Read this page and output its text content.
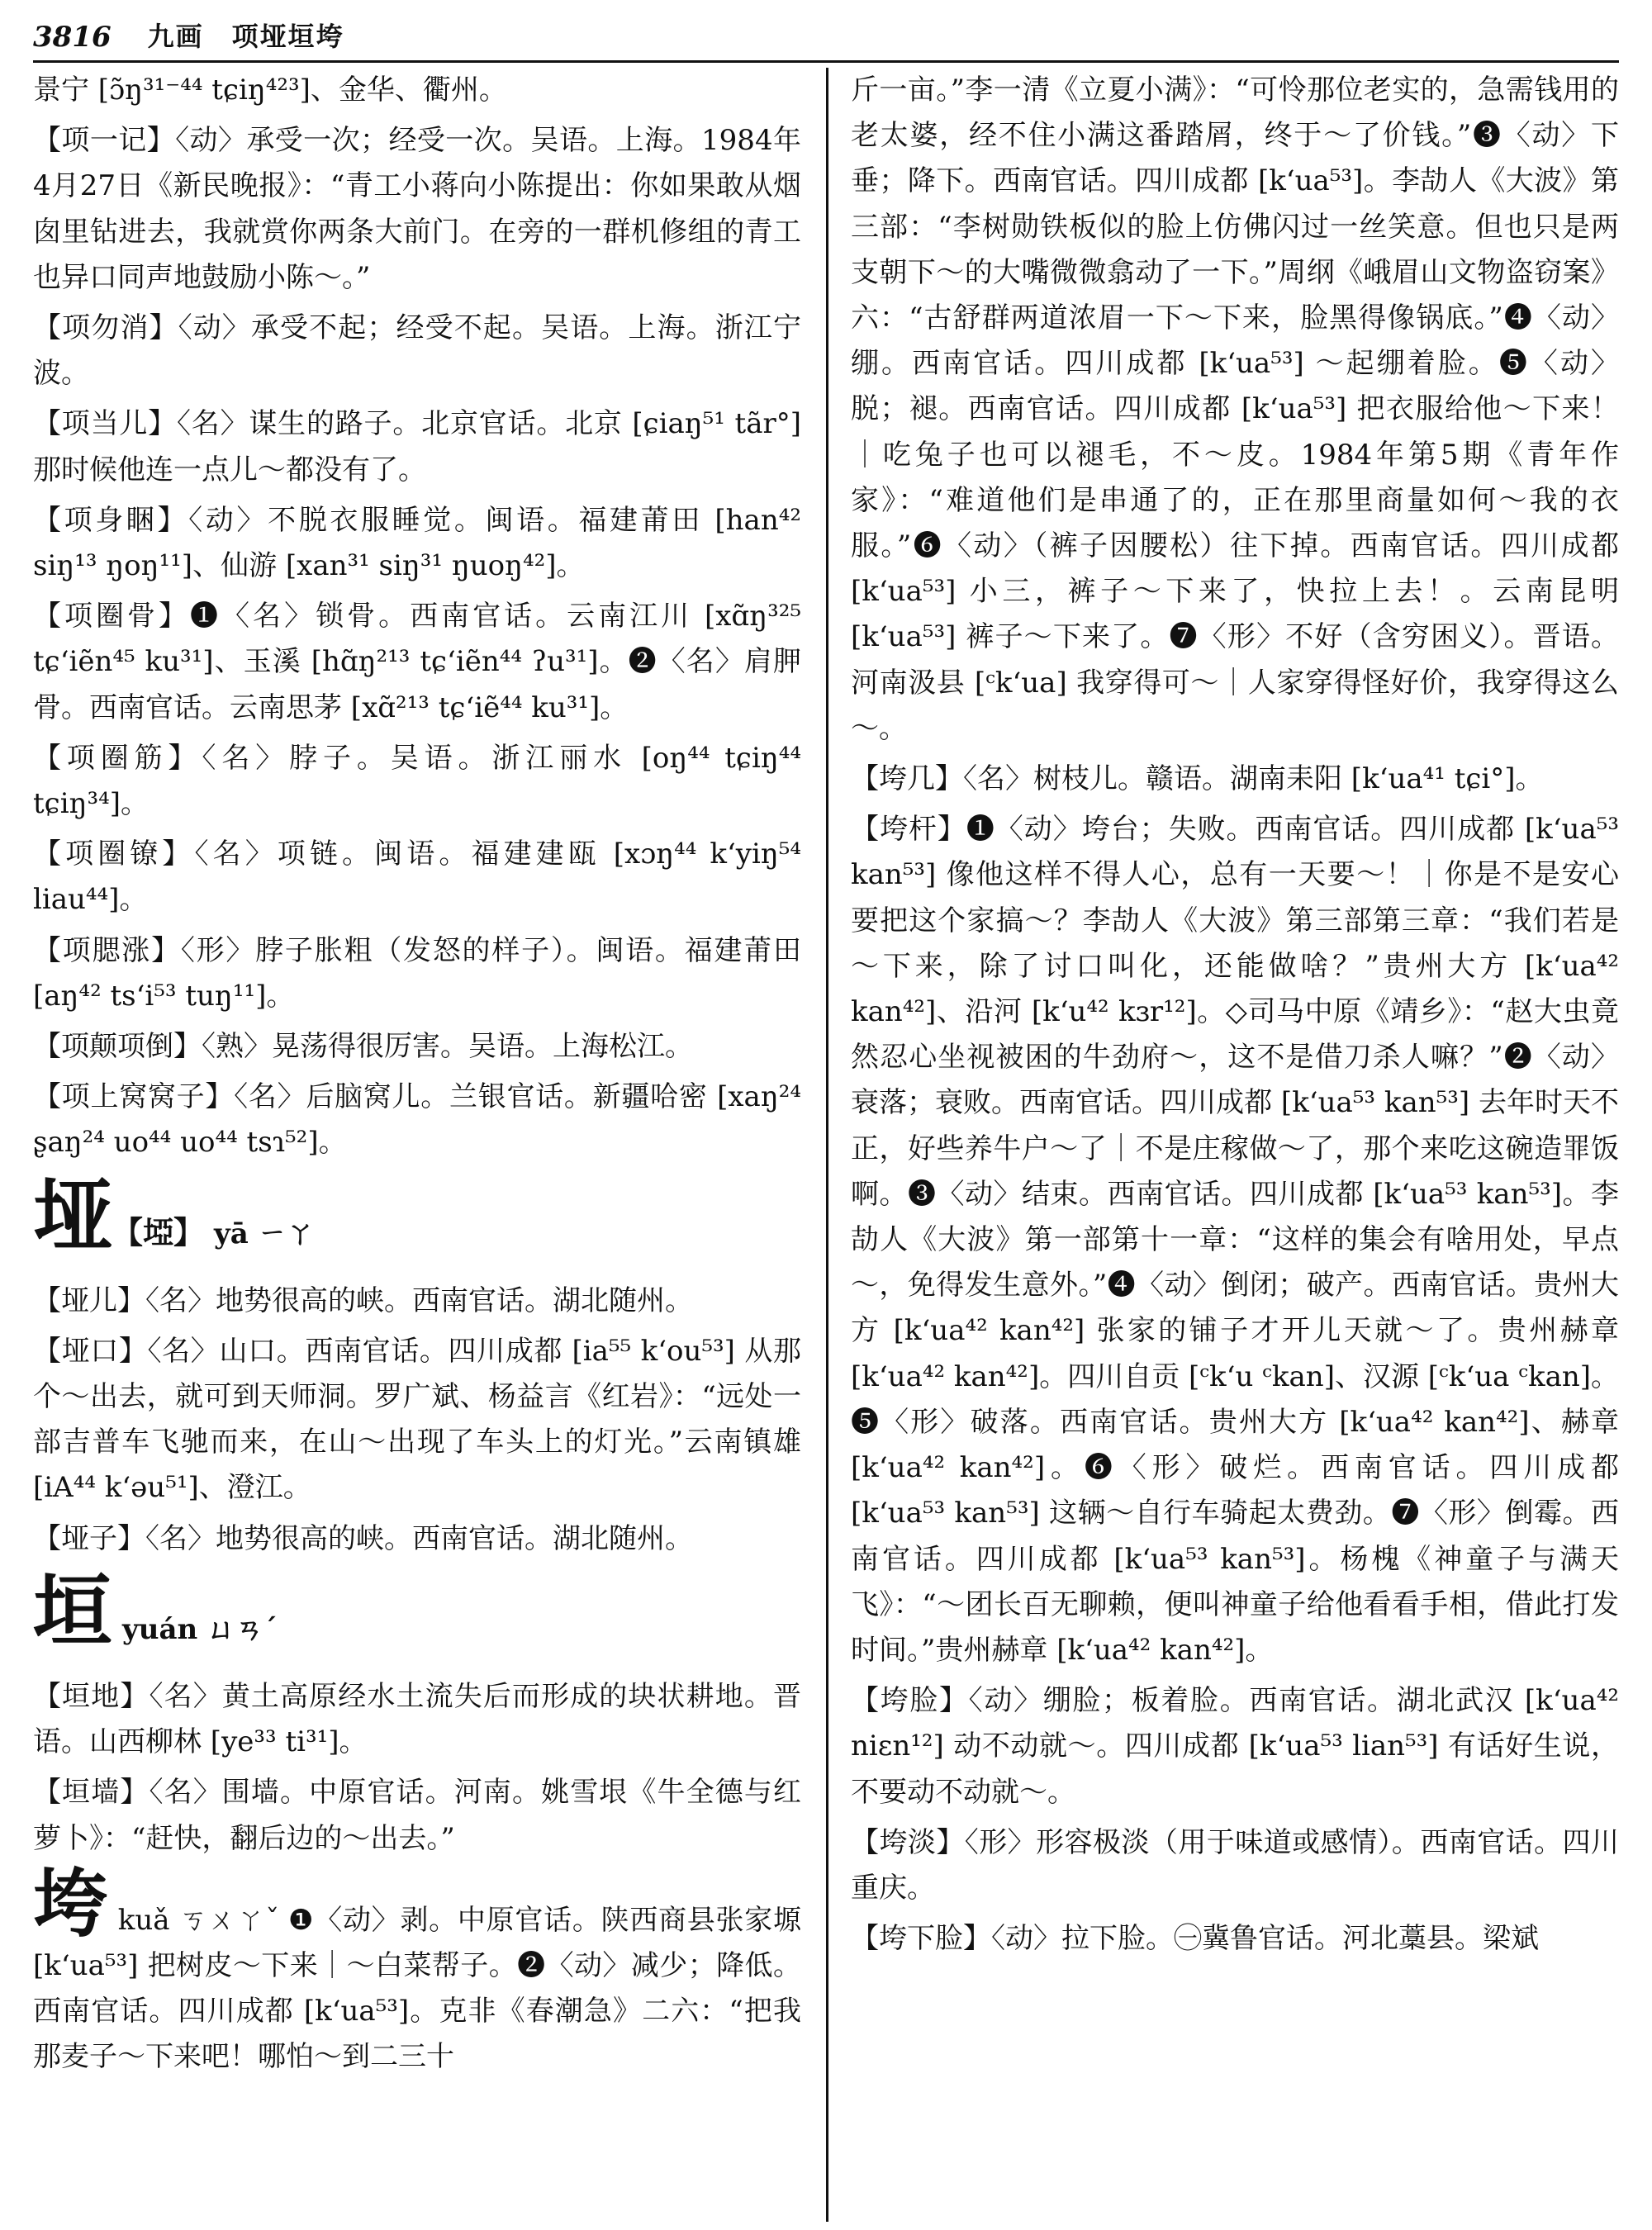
3816 九画　项垭垣垮

景宁 [ɔ̃ŋ³¹⁻⁴⁴ tɕiŋ⁴²³]、金华、衢州。

【项一记】〈动〉承受一次；经受一次。吴语。上海。1984年4月27日《新民晚报》：“青工小蒋向小陈提出：你如果敢从烟囱里钻进去，我就赏你两条大前门。在旁的一群机修组的青工也异口同声地鼓励小陈～。”

【项勿消】〈动〉承受不起；经受不起。吴语。上海。浙江宁波。

【项当儿】〈名〉谋生的路子。北京官话。北京 [ɕiaŋ⁵¹ tãr°] 那时候他连一点儿～都没有了。

【项身睏】〈动〉不脱衣服睡觉。闽语。福建莆田 [han⁴² siŋ¹³ ŋoŋ¹¹]、仙游 [xan³¹ siŋ³¹ ŋuoŋ⁴²]。

【项圈骨】❶〈名〉锁骨。西南官话。云南江川 [xɑ̃ŋ³²⁵ tɕʻiẽn⁴⁵ ku³¹]、玉溪 [hɑ̃ŋ²¹³ tɕʻiẽn⁴⁴ ʔu³¹]。❷〈名〉肩胛骨。西南官话。云南思茅 [xɑ̃²¹³ tɕʻiẽ⁴⁴ ku³¹]。

【项圈筋】〈名〉脖子。吴语。浙江丽水 [oŋ⁴⁴ tɕiŋ⁴⁴ tɕiŋ³⁴]。

【项圈镣】〈名〉项链。闽语。福建建瓯 [xɔŋ⁴⁴ kʻyiŋ⁵⁴ liau⁴⁴]。

【项腮涨】〈形〉脖子胀粗（发怒的样子）。闽语。福建莆田 [aŋ⁴² tsʻi⁵³ tuŋ¹¹]。

【项颠项倒】〈熟〉晃荡得很厉害。吴语。上海松江。

【项上窝窝子】〈名〉后脑窝儿。兰银官话。新疆哈密 [xaŋ²⁴ ʂaŋ²⁴ uo⁴⁴ uo⁴⁴ tsɿ⁵²]。

垭【埡】 yā ㄧㄚ

【垭儿】〈名〉地势很高的峡。西南官话。湖北随州。

【垭口】〈名〉山口。西南官话。四川成都 [ia⁵⁵ kʻou⁵³] 从那个～出去，就可到天师洞。罗广斌、杨益言《红岩》：“远处一部吉普车飞驰而来，在山～出现了车头上的灯光。”云南镇雄 [iA⁴⁴ kʻəu⁵¹]、澄江。

【垭子】〈名〉地势很高的峡。西南官话。湖北随州。

垣yuán ㄩㄢˊ

【垣地】〈名〉黄土高原经水土流失后而形成的块状耕地。晋语。山西柳林 [ye³³ ti³¹]。

【垣墙】〈名〉围墙。中原官话。河南。姚雪垠《牛全德与红萝卜》：“赶快，翻后边的～出去。”

垮kuǎ ㄎㄨㄚˇ ❶〈动〉剥。中原官话。陕西商县张家塬 [kʻua⁵³] 把树皮～下来｜～白菜帮子。❷〈动〉减少；降低。西南官话。四川成都 [kʻua⁵³]。克非《春潮急》二六：“把我那麦子～下来吧！哪怕～到二三十

斤一亩。”李一清《立夏小满》：“可怜那位老实的，急需钱用的老太婆，经不住小满这番踏屑，终于～了价钱。”❸〈动〉下垂；降下。西南官话。四川成都 [kʻua⁵³]。李劼人《大波》第三部：“李树勋铁板似的脸上仿佛闪过一丝笑意。但也只是两支朝下～的大嘴微微翕动了一下。”周纲《峨眉山文物盗窃案》六：“古舒群两道浓眉一下～下来，脸黑得像锅底。”❹〈动〉绷。西南官话。四川成都 [kʻua⁵³] ～起绷着脸。❺〈动〉脱；褪。西南官话。四川成都 [kʻua⁵³] 把衣服给他～下来！｜吃兔子也可以褪毛，不～皮。1984年第5期《青年作家》：“难道他们是串通了的，正在那里商量如何～我的衣服。”❻〈动〉（裤子因腰松）往下掉。西南官话。四川成都 [kʻua⁵³] 小三，裤子～下来了，快拉上去！。云南昆明 [kʻua⁵³] 裤子～下来了。❼〈形〉不好（含穷困义）。晋语。河南汲县 [ᶜkʻua] 我穿得可～｜人家穿得怪好价，我穿得这么～。

【垮几】〈名〉树枝儿。赣语。湖南耒阳 [kʻua⁴¹ tɕi°]。

【垮杆】❶〈动〉垮台；失败。西南官话。四川成都 [kʻua⁵³ kan⁵³] 像他这样不得人心，总有一天要～！｜你是不是安心要把这个家搞～？李劼人《大波》第三部第三章：“我们若是～下来，除了讨口叫化，还能做啥？”贵州大方 [kʻua⁴² kan⁴²]、沿河 [kʻu⁴² kɜr¹²]。◇司马中原《靖乡》：“赵大虫竟然忍心坐视被困的牛劲府～，这不是借刀杀人嘛？”❷〈动〉衰落；衰败。西南官话。四川成都 [kʻua⁵³ kan⁵³] 去年时天不正，好些养牛户～了｜不是庄稼做～了，那个来吃这碗造罪饭啊。❸〈动〉结束。西南官话。四川成都 [kʻua⁵³ kan⁵³]。李劼人《大波》第一部第十一章：“这样的集会有啥用处，早点～，免得发生意外。”❹〈动〉倒闭；破产。西南官话。贵州大方 [kʻua⁴² kan⁴²] 张家的铺子才开儿天就～了。贵州赫章 [kʻua⁴² kan⁴²]。四川自贡 [ᶜkʻu ᶜkan]、汉源 [ᶜkʻua ᶜkan]。❺〈形〉破落。西南官话。贵州大方 [kʻua⁴² kan⁴²]、赫章 [kʻua⁴² kan⁴²]。❻〈形〉破烂。西南官话。四川成都 [kʻua⁵³ kan⁵³] 这辆～自行车骑起太费劲。❼〈形〉倒霉。西南官话。四川成都 [kʻua⁵³ kan⁵³]。杨槐《神童子与满天飞》：“～团长百无聊赖，便叫神童子给他看看手相，借此打发时间。”贵州赫章 [kʻua⁴² kan⁴²]。

【垮脸】〈动〉绷脸；板着脸。西南官话。湖北武汉 [kʻua⁴² niɛn¹²] 动不动就～。四川成都 [kʻua⁵³ lian⁵³] 有话好生说，不要动不动就～。

【垮淡】〈形〉形容极淡（用于味道或感情）。西南官话。四川重庆。

【垮下脸】〈动〉拉下脸。㊀冀鲁官话。河北藁县。梁斌
